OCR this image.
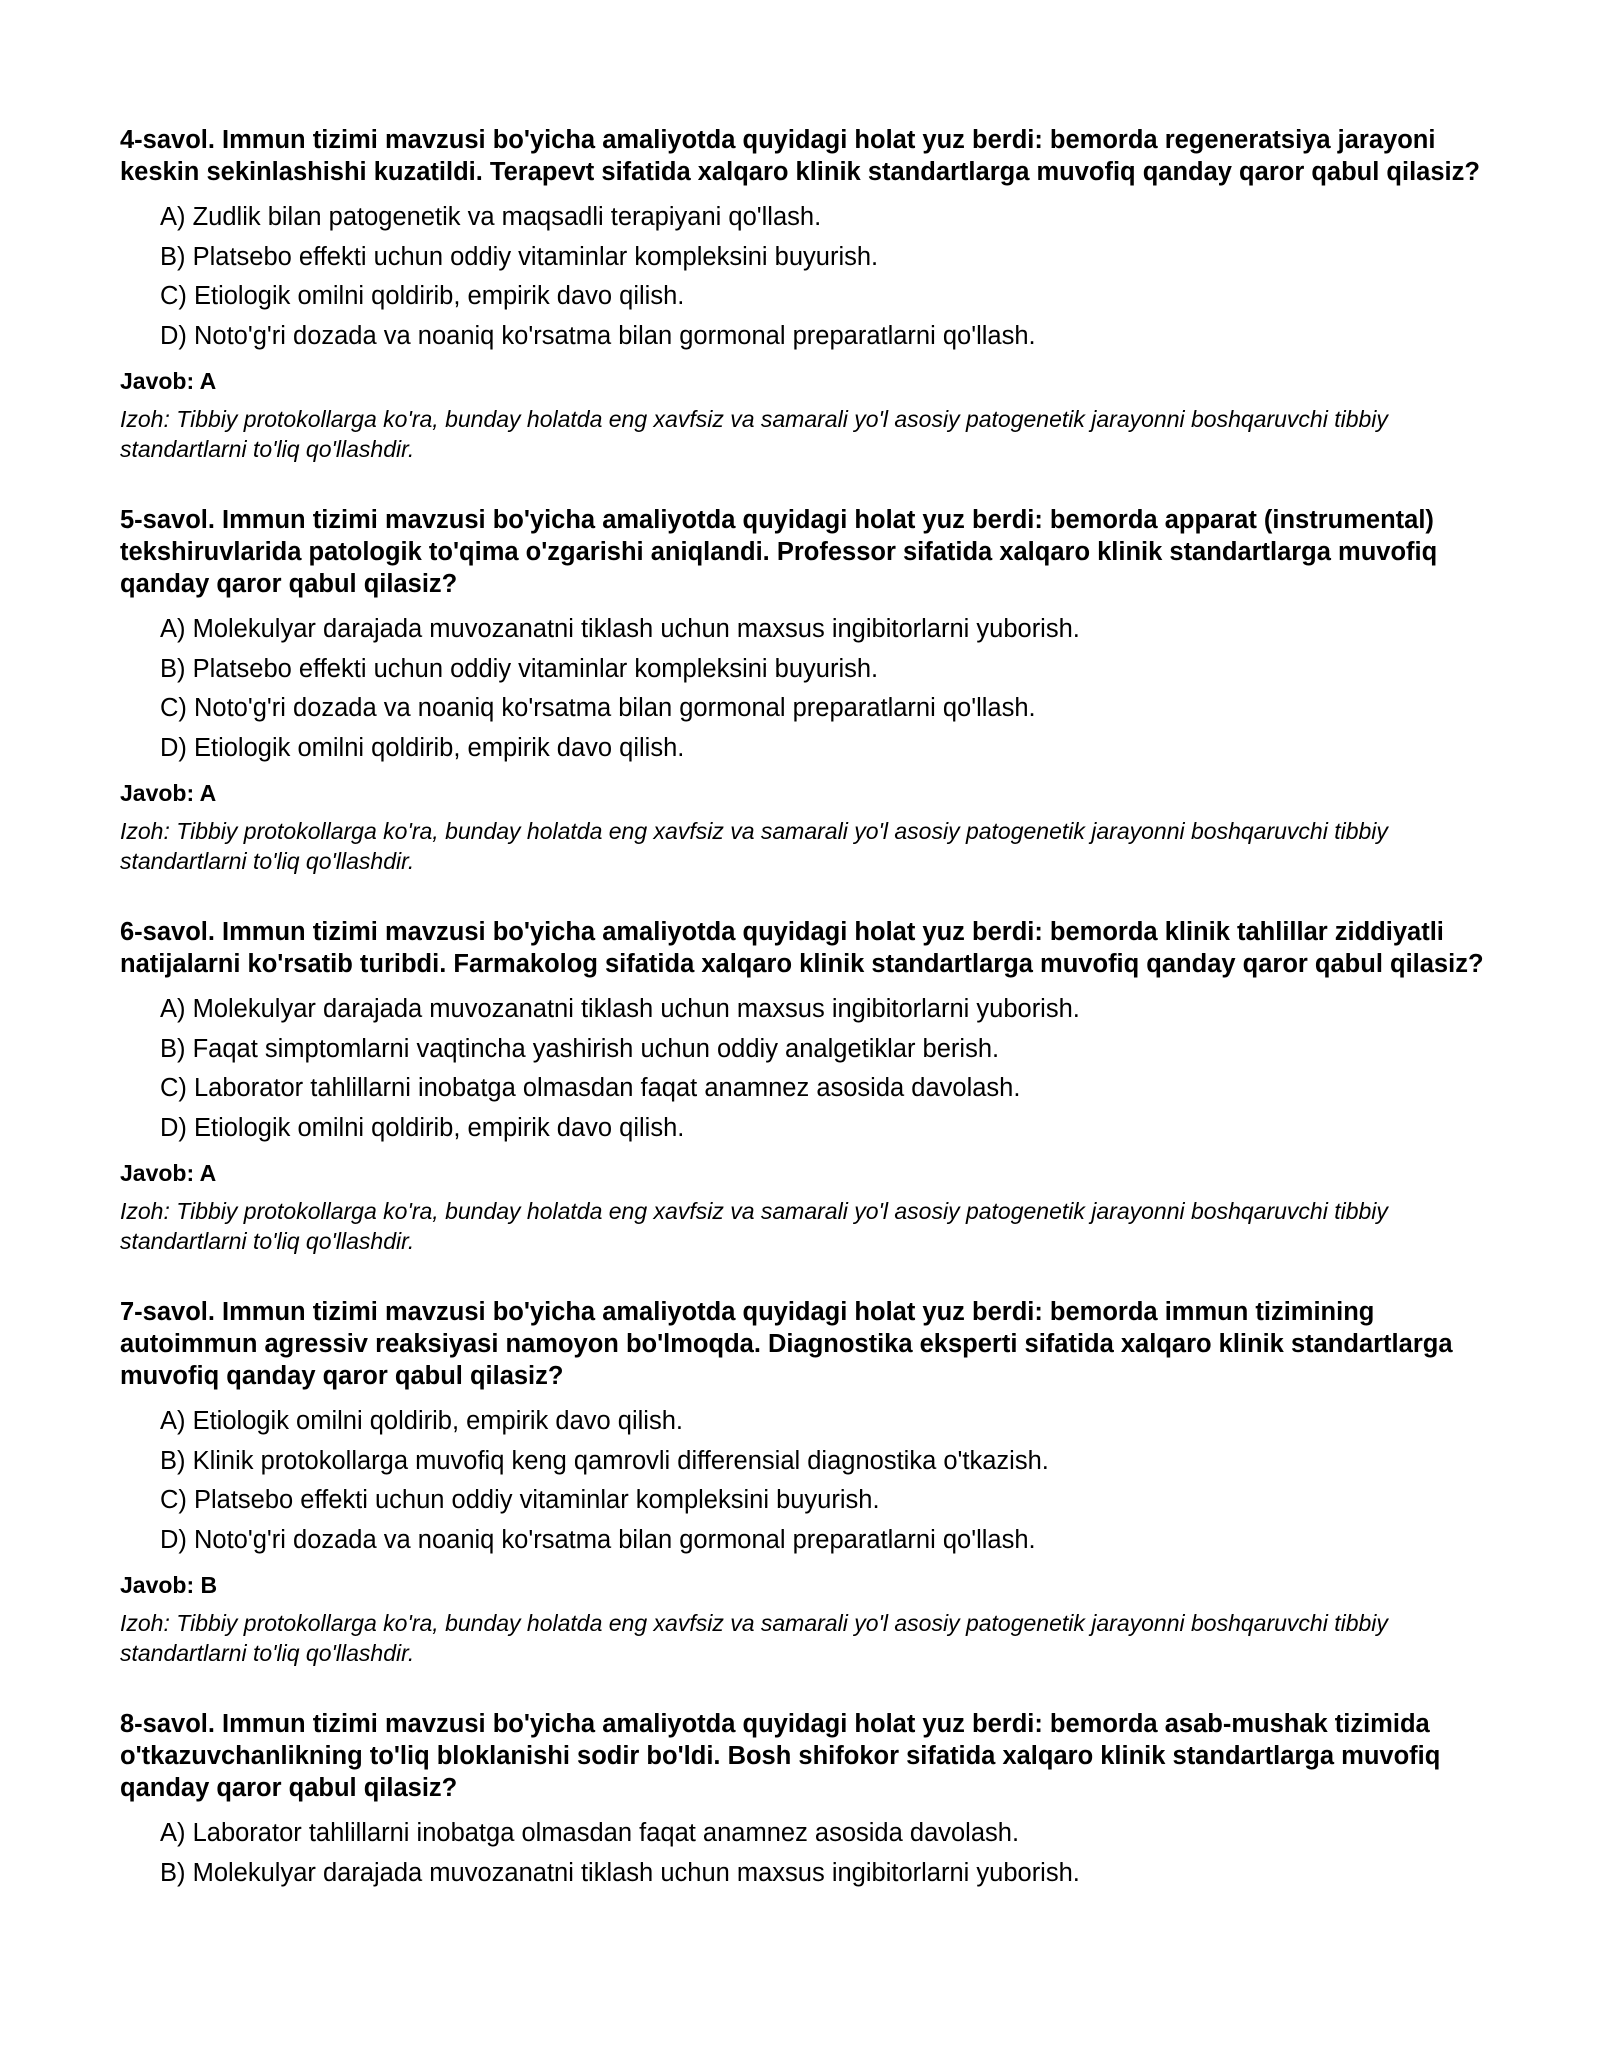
4-savol. Immun tizimi mavzusi bo'yicha amaliyotda quyidagi holat yuz berdi: bemorda regeneratsiya jarayoni keskin sekinlashishi kuzatildi. Terapevt sifatida xalqaro klinik standartlarga muvofiq qanday qaror qabul qilasiz?

A) Zudlik bilan patogenetik va maqsadli terapiyani qo'llash.
B) Platsebo effekti uchun oddiy vitaminlar kompleksini buyurish.
C) Etiologik omilni qoldirib, empirik davo qilish.
D) Noto'g'ri dozada va noaniq ko'rsatma bilan gormonal preparatlarni qo'llash.

Javob: A

Izoh: Tibbiy protokollarga ko'ra, bunday holatda eng xavfsiz va samarali yo'l asosiy patogenetik jarayonni boshqaruvchi tibbiy standartlarni to'liq qo'llashdir.

5-savol. Immun tizimi mavzusi bo'yicha amaliyotda quyidagi holat yuz berdi: bemorda apparat (instrumental) tekshiruvlarida patologik to'qima o'zgarishi aniqlandi. Professor sifatida xalqaro klinik standartlarga muvofiq qanday qaror qabul qilasiz?

A) Molekulyar darajada muvozanatni tiklash uchun maxsus ingibitorlarni yuborish.
B) Platsebo effekti uchun oddiy vitaminlar kompleksini buyurish.
C) Noto'g'ri dozada va noaniq ko'rsatma bilan gormonal preparatlarni qo'llash.
D) Etiologik omilni qoldirib, empirik davo qilish.

Javob: A

Izoh: Tibbiy protokollarga ko'ra, bunday holatda eng xavfsiz va samarali yo'l asosiy patogenetik jarayonni boshqaruvchi tibbiy standartlarni to'liq qo'llashdir.

6-savol. Immun tizimi mavzusi bo'yicha amaliyotda quyidagi holat yuz berdi: bemorda klinik tahlillar ziddiyatli natijalarni ko'rsatib turibdi. Farmakolog sifatida xalqaro klinik standartlarga muvofiq qanday qaror qabul qilasiz?

A) Molekulyar darajada muvozanatni tiklash uchun maxsus ingibitorlarni yuborish.
B) Faqat simptomlarni vaqtincha yashirish uchun oddiy analgetiklar berish.
C) Laborator tahlillarni inobatga olmasdan faqat anamnez asosida davolash.
D) Etiologik omilni qoldirib, empirik davo qilish.

Javob: A

Izoh: Tibbiy protokollarga ko'ra, bunday holatda eng xavfsiz va samarali yo'l asosiy patogenetik jarayonni boshqaruvchi tibbiy standartlarni to'liq qo'llashdir.

7-savol. Immun tizimi mavzusi bo'yicha amaliyotda quyidagi holat yuz berdi: bemorda immun tizimining autoimmun agressiv reaksiyasi namoyon bo'lmoqda. Diagnostika eksperti sifatida xalqaro klinik standartlarga muvofiq qanday qaror qabul qilasiz?

A) Etiologik omilni qoldirib, empirik davo qilish.
B) Klinik protokollarga muvofiq keng qamrovli differensial diagnostika o'tkazish.
C) Platsebo effekti uchun oddiy vitaminlar kompleksini buyurish.
D) Noto'g'ri dozada va noaniq ko'rsatma bilan gormonal preparatlarni qo'llash.

Javob: B

Izoh: Tibbiy protokollarga ko'ra, bunday holatda eng xavfsiz va samarali yo'l asosiy patogenetik jarayonni boshqaruvchi tibbiy standartlarni to'liq qo'llashdir.

8-savol. Immun tizimi mavzusi bo'yicha amaliyotda quyidagi holat yuz berdi: bemorda asab-mushak tizimida o'tkazuvchanlikning to'liq bloklanishi sodir bo'ldi. Bosh shifokor sifatida xalqaro klinik standartlarga muvofiq qanday qaror qabul qilasiz?

A) Laborator tahlillarni inobatga olmasdan faqat anamnez asosida davolash.
B) Molekulyar darajada muvozanatni tiklash uchun maxsus ingibitorlarni yuborish.
